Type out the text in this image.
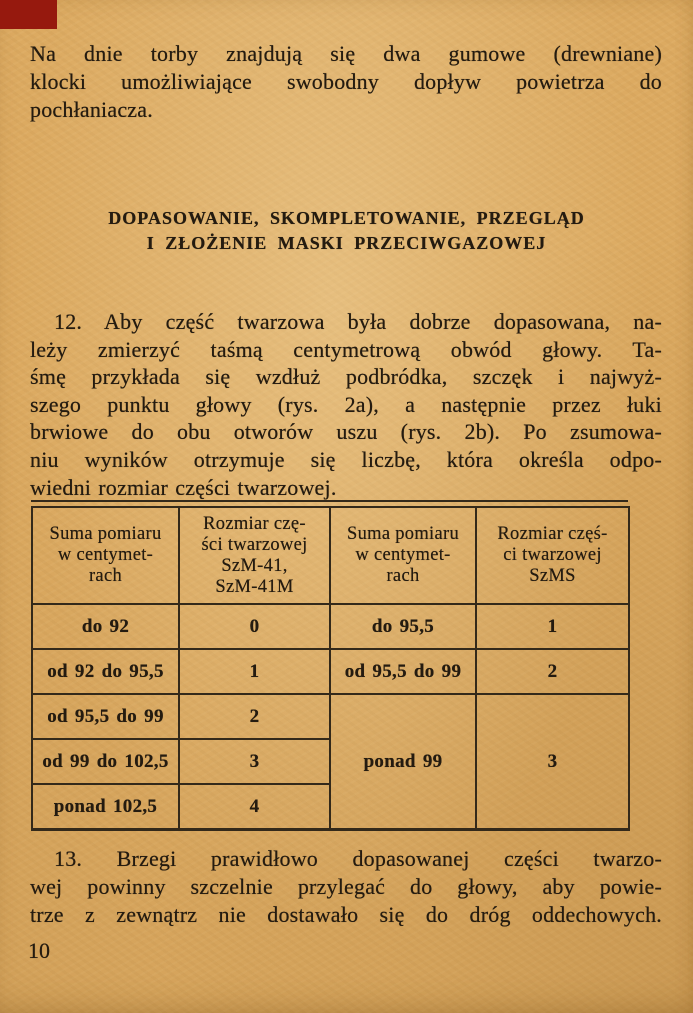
Na dnie torby znajdują się dwa gumowe (drewniane)
klocki umożliwiające swobodny dopływ powietrza do
pochłaniacza.
DOPASOWANIE, SKOMPLETOWANIE, PRZEGLĄD
I ZŁOŻENIE MASKI PRZECIWGAZOWEJ
12. Aby część twarzowa była dobrze dopasowana, na-
leży zmierzyć taśmą centymetrową obwód głowy. Ta-
śmę przykłada się wzdłuż podbródka, szczęk i najwyż-
szego punktu głowy (rys. 2a), a następnie przez łuki
brwiowe do obu otworów uszu (rys. 2b). Po zsumowa-
niu wyników otrzymuje się liczbę, która określa odpo-
wiedni rozmiar części twarzowej.
Suma pomiaru
w centymet-
rach

Rozmiar czę-
ści twarzowej
SzM-41,
SzM-41M

Suma pomiaru
w centymet-
rach

Rozmiar częś-
ci twarzowej
SzMS

do 92	0	do 95,5	1
od 92 do 95,5	1	od 95,5 do 99	2
od 95,5 do 99	2	ponad 99	3
od 99 do 102,5	3		
ponad 102,5	4		
13. Brzegi prawidłowo dopasowanej części twarzo-
wej powinny szczelnie przylegać do głowy, aby powie-
trze z zewnątrz nie dostawało się do dróg oddechowych.
10
